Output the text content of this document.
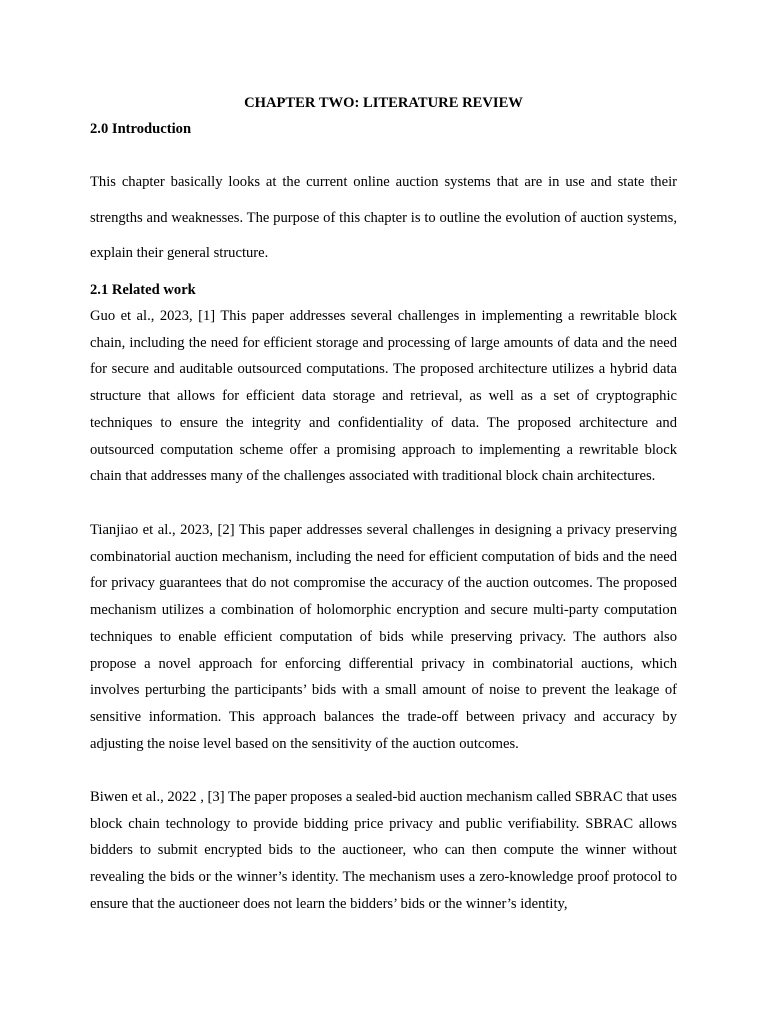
CHAPTER TWO: LITERATURE REVIEW
2.0 Introduction

This chapter basically looks at the current online auction systems that are in use and state their strengths and weaknesses. The purpose of this chapter is to outline the evolution of auction systems, explain their general structure.

2.1 Related work

Guo et al., 2023, [1] This paper addresses several challenges in implementing a rewritable block chain, including the need for efficient storage and processing of large amounts of data and the need for secure and auditable outsourced computations. The proposed architecture utilizes a hybrid data structure that allows for efficient data storage and retrieval, as well as a set of cryptographic techniques to ensure the integrity and confidentiality of data. The proposed architecture and outsourced computation scheme offer a promising approach to implementing a rewritable block chain that addresses many of the challenges associated with traditional block chain architectures.

Tianjiao et al., 2023, [2] This paper addresses several challenges in designing a privacy preserving combinatorial auction mechanism, including the need for efficient computation of bids and the need for privacy guarantees that do not compromise the accuracy of the auction outcomes. The proposed mechanism utilizes a combination of holomorphic encryption and secure multi-party computation techniques to enable efficient computation of bids while preserving privacy. The authors also propose a novel approach for enforcing differential privacy in combinatorial auctions, which involves perturbing the participants’ bids with a small amount of noise to prevent the leakage of sensitive information. This approach balances the trade-off between privacy and accuracy by adjusting the noise level based on the sensitivity of the auction outcomes.

Biwen et al., 2022 , [3] The paper proposes a sealed-bid auction mechanism called SBRAC that uses block chain technology to provide bidding price privacy and public verifiability. SBRAC allows bidders to submit encrypted bids to the auctioneer, who can then compute the winner without revealing the bids or the winner’s identity. The mechanism uses a zero-knowledge proof protocol to ensure that the auctioneer does not learn the bidders’ bids or the winner’s identity,
